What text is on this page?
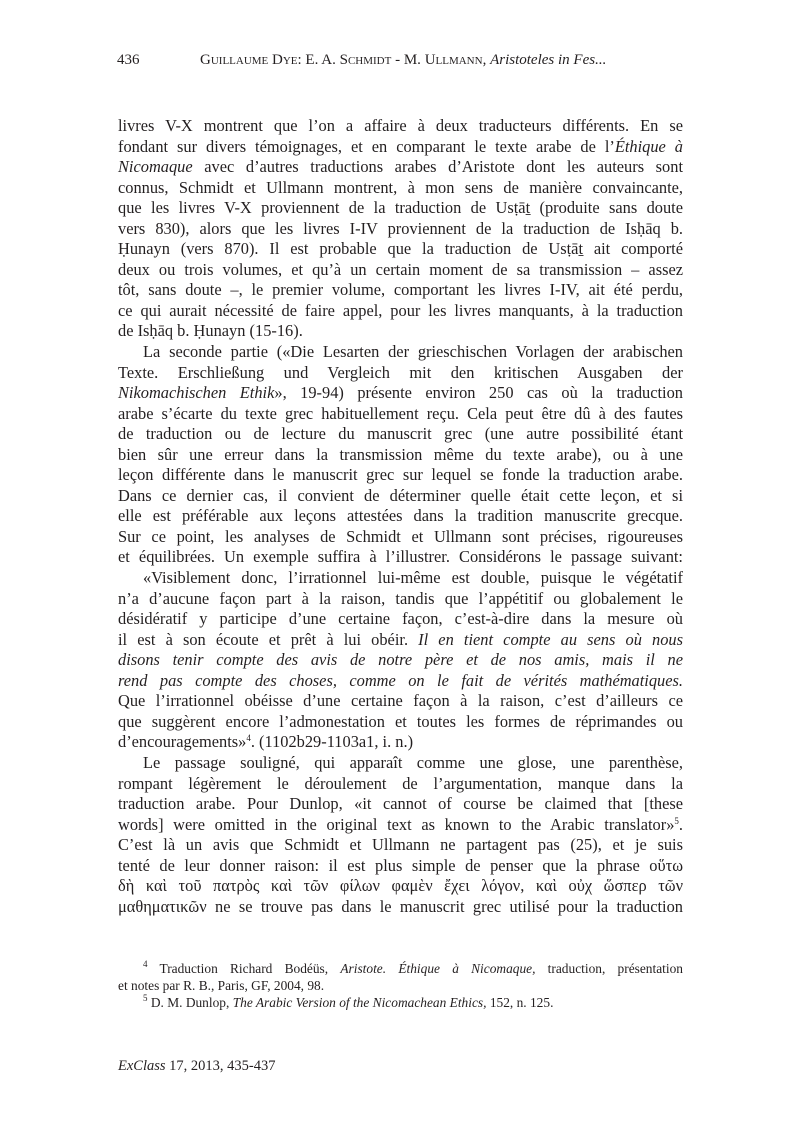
436	Guillaume Dye: E. A. Schmidt - M. Ullmann, Aristoteles in Fes...
livres V-X montrent que l’on a affaire à deux traducteurs différents. En se
fondant sur divers témoignages, et en comparant le texte arabe de l’Éthique à
Nicomaque avec d’autres traductions arabes d’Aristote dont les auteurs sont
connus, Schmidt et Ullmann montrent, à mon sens de manière convaincante,
que les livres V-X proviennent de la traduction de Usṭāṯ (produite sans doute
vers 830), alors que les livres I-IV proviennent de la traduction de Isḥāq b.
Ḥunayn (vers 870). Il est probable que la traduction de Usṭāṯ ait comporté
deux ou trois volumes, et qu’à un certain moment de sa transmission – assez
tôt, sans doute –, le premier volume, comportant les livres I-IV, ait été perdu,
ce qui aurait nécessité de faire appel, pour les livres manquants, à la traduction
de Isḥāq b. Ḥunayn (15-16).
La seconde partie («Die Lesarten der grieschischen Vorlagen der arabischen
Texte. Erschließung und Vergleich mit den kritischen Ausgaben der
Nikomachischen Ethik», 19-94) présente environ 250 cas où la traduction
arabe s’écarte du texte grec habituellement reçu. Cela peut être dû à des fautes
de traduction ou de lecture du manuscrit grec (une autre possibilité étant
bien sûr une erreur dans la transmission même du texte arabe), ou à une
leçon différente dans le manuscrit grec sur lequel se fonde la traduction arabe.
Dans ce dernier cas, il convient de déterminer quelle était cette leçon, et si
elle est préférable aux leçons attestées dans la tradition manuscrite grecque.
Sur ce point, les analyses de Schmidt et Ullmann sont précises, rigoureuses
et équilibrées. Un exemple suffira à l’illustrer. Considérons le passage suivant:
«Visiblement donc, l’irrationnel lui-même est double, puisque le végétatif
n’a d’aucune façon part à la raison, tandis que l’appétitif ou globalement le
désidératif y participe d’une certaine façon, c’est-à-dire dans la mesure où
il est à son écoute et prêt à lui obéir. Il en tient compte au sens où nous
disons tenir compte des avis de notre père et de nos amis, mais il ne
rend pas compte des choses, comme on le fait de vérités mathématiques.
Que l’irrationnel obéisse d’une certaine façon à la raison, c’est d’ailleurs ce
que suggèrent encore l’admonestation et toutes les formes de réprimandes ou
d’encouragements»$^4$. (1102b29-1103a1, i. n.)
Le passage souligné, qui apparaît comme une glose, une parenthèse,
rompant légèrement le déroulement de l’argumentation, manque dans la
traduction arabe. Pour Dunlop, «it cannot of course be claimed that [these
words] were omitted in the original text as known to the Arabic translator»$^5$.
C’est là un avis que Schmidt et Ullmann ne partagent pas (25), et je suis
tenté de leur donner raison: il est plus simple de penser que la phrase οὕτω
δὴ καὶ τοῦ πατρὸς καὶ τῶν φίλων φαμὲν ἔχει λόγον, καὶ οὐχ ὥσπερ τῶν
μαθηματικῶν ne se trouve pas dans le manuscrit grec utilisé pour la traduction
$^4$ Traduction Richard Bodéüs, Aristote. Éthique à Nicomaque, traduction, présentation
et notes par R. B., Paris, GF, 2004, 98.
$^5$ D. M. Dunlop, The Arabic Version of the Nicomachean Ethics, 152, n. 125.
ExClass 17, 2013, 435-437
